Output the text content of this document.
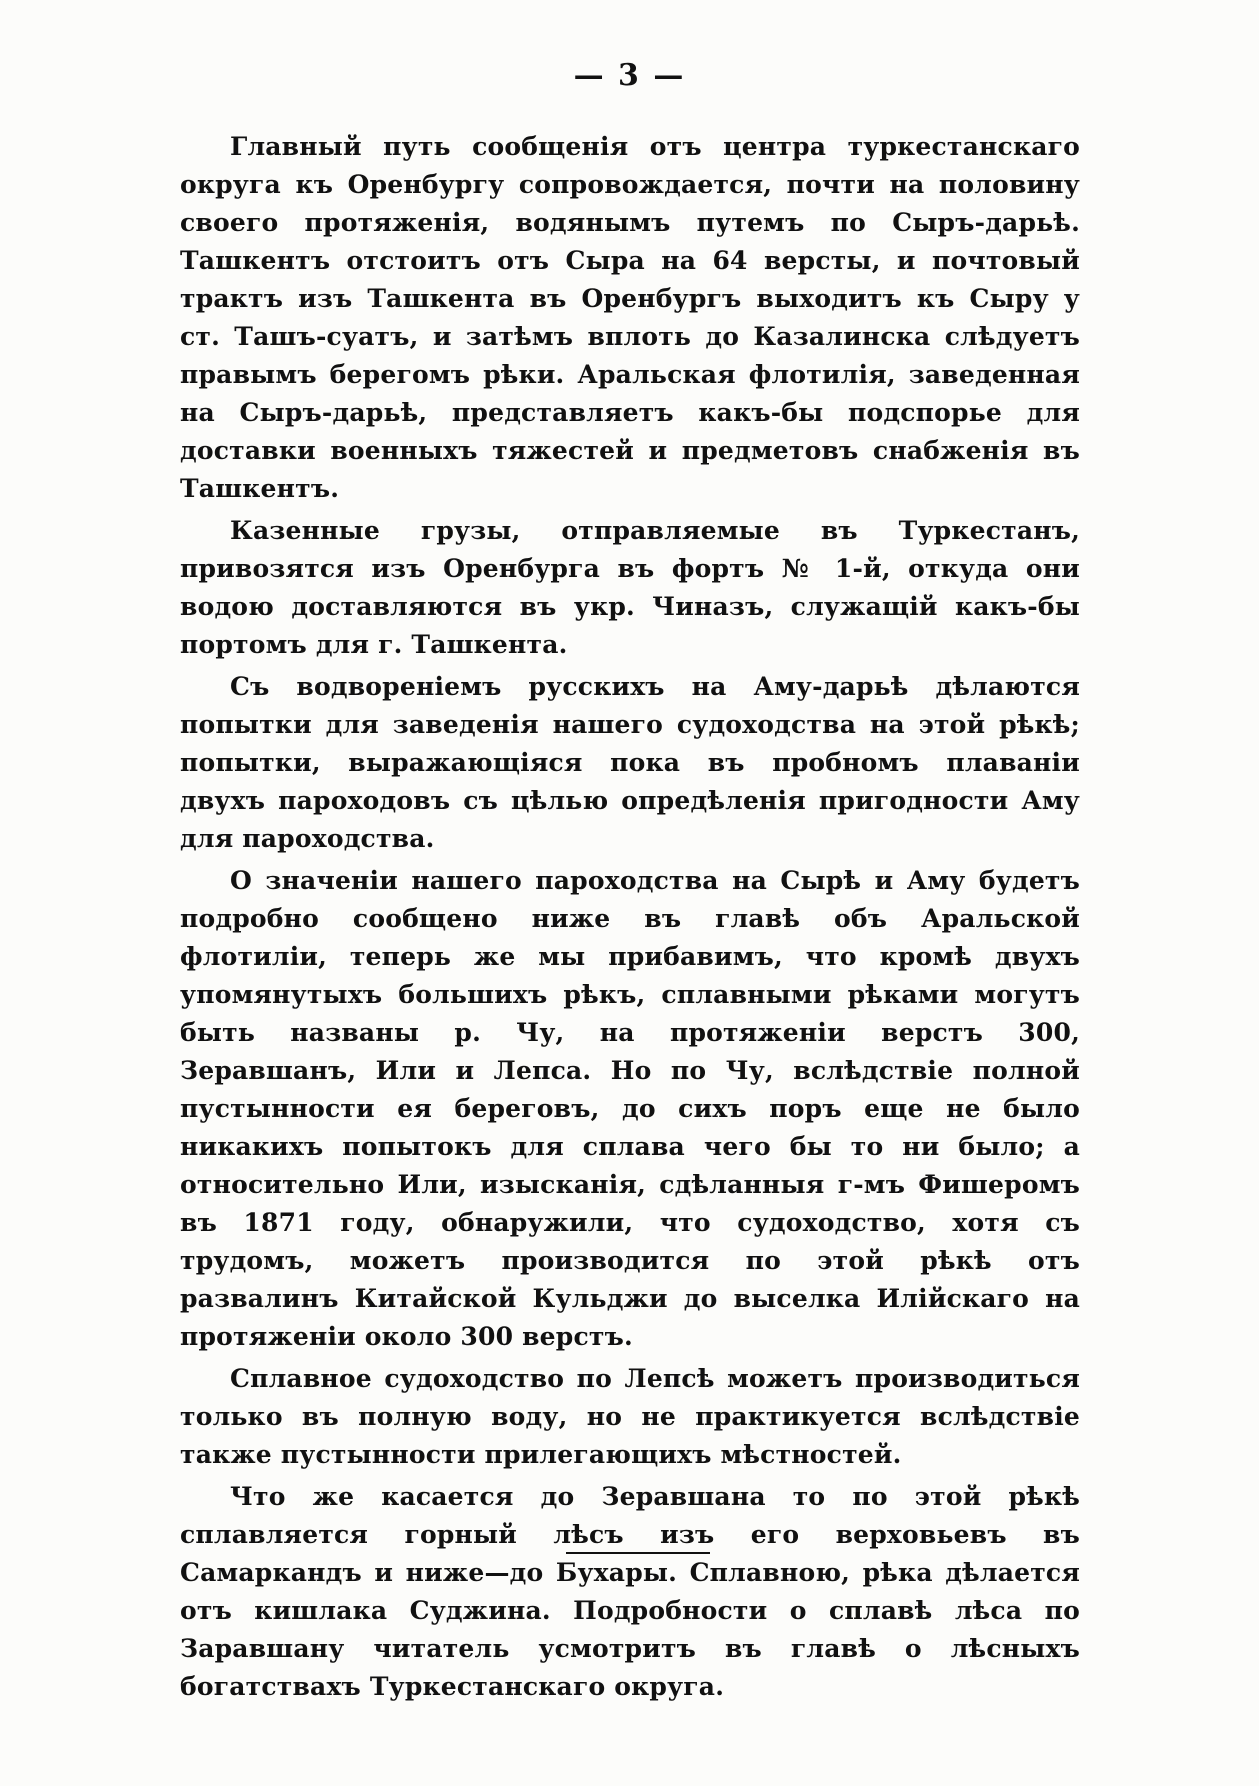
— 3 —

Главный путь сообщенія отъ центра туркестанскаго округа къ Оренбургу сопровождается, почти на половину своего протяженія, водянымъ путемъ по Сыръ-дарьѣ. Ташкентъ отстоитъ отъ Сыра на 64 версты, и почтовый трактъ изъ Ташкента въ Оренбургъ выходитъ къ Сыру у ст. Ташъ-суатъ, и затѣмъ вплоть до Казалинска слѣдуетъ правымъ берегомъ рѣки. Аральская флотилія, заведенная на Сыръ-дарьѣ, представляетъ какъ-бы подспорье для доставки военныхъ тяжестей и предметовъ снабженія въ Ташкентъ.

Казенные грузы, отправляемые въ Туркестанъ, привозятся изъ Оренбурга въ фортъ № 1-й, откуда они водою доставляются въ укр. Чиназъ, служащій какъ-бы портомъ для г. Ташкента.

Съ водвореніемъ русскихъ на Аму-дарьѣ дѣлаются попытки для заведенія нашего судоходства на этой рѣкѣ; попытки, выражающіяся пока въ пробномъ плаваніи двухъ пароходовъ съ цѣлью опредѣленія пригодности Аму для пароходства.

О значеніи нашего пароходства на Сырѣ и Аму будетъ подробно сообщено ниже въ главѣ объ Аральской флотиліи, теперь же мы прибавимъ, что кромѣ двухъ упомянутыхъ большихъ рѣкъ, сплавными рѣками могутъ быть названы р. Чу, на протяженіи верстъ 300, Зеравшанъ, Или и Лепса. Но по Чу, вслѣдствіе полной пустынности ея береговъ, до сихъ поръ еще не было никакихъ попытокъ для сплава чего бы то ни было; а относительно Или, изысканія, сдѣланныя г-мъ Фишеромъ въ 1871 году, обнаружили, что судоходство, хотя съ трудомъ, можетъ производится по этой рѣкѣ отъ развалинъ Китайской Кульджи до выселка Илійскаго на протяженіи около 300 верстъ.

Сплавное судоходство по Лепсѣ можетъ производиться только въ полную воду, но не практикуется вслѣдствіе также пустынности прилегающихъ мѣстностей.

Что же касается до Зеравшана то по этой рѣкѣ сплавляется горный лѣсъ изъ его верховьевъ въ Самаркандъ и ниже—до Бухары. Сплавною, рѣка дѣлается отъ кишлака Суджина. Подробности о сплавѣ лѣса по Заравшану читатель усмотритъ въ главѣ о лѣсныхъ богатствахъ Туркестанскаго округа.
